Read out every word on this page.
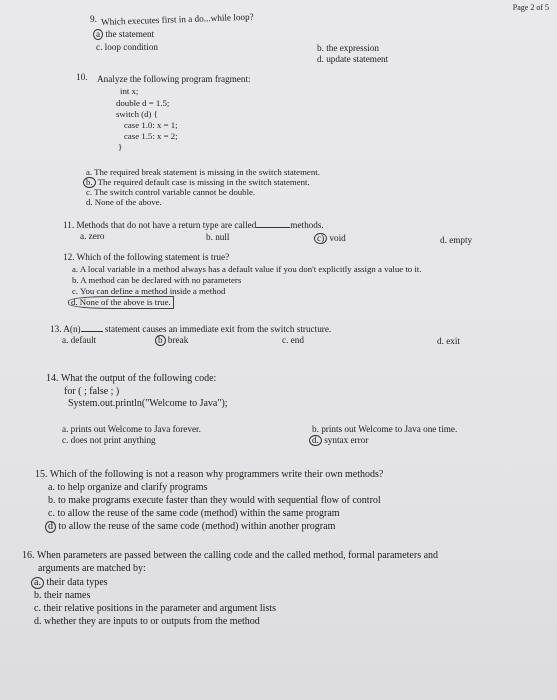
Page 2 of 5
9. Which executes first in a do...while loop?
a the statement
c. loop condition	b. the expression
d. update statement
10. Analyze the following program fragment:
int x;
double d = 1.5;
switch (d) {
case 1.0: x = 1;
case 1.5: x = 2;
}
a. The required break statement is missing in the switch statement.
b. The required default case is missing in the switch statement.
c. The switch control variable cannot be double.
d. None of the above.
11. Methods that do not have a return type are called	methods.
a. zero	b. null	c) void	d. empty
12. Which of the following statement is true?
a. A local variable in a method always has a default value if you don't explicitly assign a value to it.
b. A method can be declared with no parameters
c. You can define a method inside a method
d. None of the above is true.
13. A(n)	statement causes an immediate exit from the switch structure.
a. default	b break	c. end	d. exit
14. What the output of the following code:
for ( ; false ; )
System.out.println("Welcome to Java");
a. prints out Welcome to Java forever.
c. does not print anything
b. prints out Welcome to Java one time.
d. syntax error
15. Which of the following is not a reason why programmers write their own methods?
a. to help organize and clarify programs
b. to make programs execute faster than they would with sequential flow of control
c. to allow the reuse of the same code (method) within the same program
d to allow the reuse of the same code (method) within another program
16. When parameters are passed between the calling code and the called method, formal parameters and
arguments are matched by:
a. their data types
b. their names
c. their relative positions in the parameter and argument lists
d. whether they are inputs to or outputs from the method
